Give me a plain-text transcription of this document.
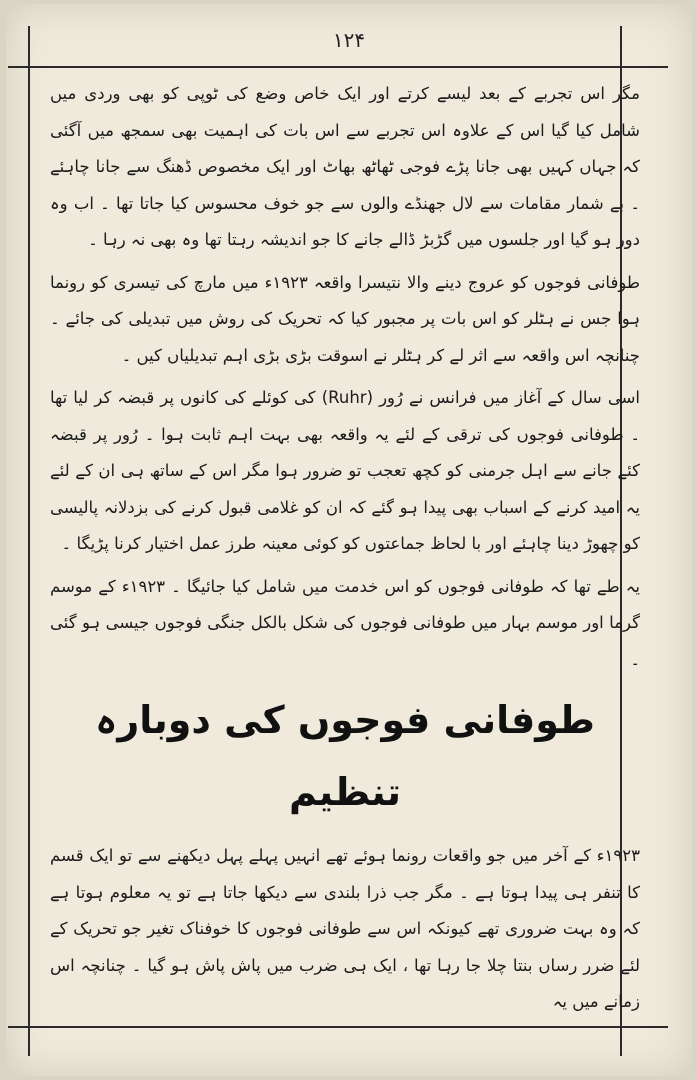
۱۲۴

مگر اس تجربے کے بعد لیسے کرتے اور ایک خاص وضع کی ٹوپی کو بھی وردی میں شامل کیا گیا اس کے علاوہ اس تجربے سے اس بات کی اہمیت بھی سمجھ میں آگئی کہ جہاں کہیں بھی جانا پڑے فوجی ٹھاٹھ بھاٹ اور ایک مخصوص ڈھنگ سے جانا چاہئے ۔ بے شمار مقامات سے لال جھنڈے والوں سے جو خوف محسوس کیا جاتا تھا ۔ اب وہ دور ہو گیا اور جلسوں میں گڑبڑ ڈالے جانے کا جو اندیشہ رہتا تھا وہ بھی نہ رہا ۔

طوفانی فوجوں کو عروج دینے والا نتیسرا واقعہ ۱۹۲۳ء میں مارچ کی تیسری کو رونما ہوا جس نے ہٹلر کو اس بات پر مجبور کیا کہ تحریک کی روش میں تبدیلی کی جائے ۔ چنانچہ اس واقعہ سے اثر لے کر ہٹلر نے اسوقت بڑی بڑی اہم تبدیلیاں کیں ۔

اسی سال کے آغاز میں فرانس نے رُور (Ruhr) کی کوئلے کی کانوں پر قبضہ کر لیا تھا ۔ طوفانی فوجوں کی ترقی کے لئے یہ واقعہ بھی بہت اہم ثابت ہوا ۔ رُور پر قبضہ کئے جانے سے اہل جرمنی کو کچھ تعجب تو ضرور ہوا مگر اس کے ساتھ ہی ان کے لئے یہ امید کرنے کے اسباب بھی پیدا ہو گئے کہ ان کو غلامی قبول کرنے کی بزدلانہ پالیسی کو چھوڑ دینا چاہئے اور با لحاظ جماعتوں کو کوئی معینہ طرز عمل اختیار کرنا پڑیگا ۔

یہ طے تھا کہ طوفانی فوجوں کو اس خدمت میں شامل کیا جائیگا ۔ ۱۹۲۳ء کے موسم گرما اور موسم بہار میں طوفانی فوجوں کی شکل بالکل جنگی فوجوں جیسی ہو گئی ۔

طوفانی فوجوں کی دوبارہ تنظیم

۱۹۲۳ء کے آخر میں جو واقعات رونما ہوئے تھے انہیں پہلے پہل دیکھنے سے تو ایک قسم کا تنفر ہی پیدا ہوتا ہے ۔ مگر جب ذرا بلندی سے دیکھا جاتا ہے تو یہ معلوم ہوتا ہے کہ وہ بہت ضروری تھے کیونکہ اس سے طوفانی فوجوں کا خوفناک تغیر جو تحریک کے لئے ضرر رساں بنتا چلا جا رہا تھا ، ایک ہی ضرب میں پاش پاش ہو گیا ۔ چنانچہ اس زمانے میں یہ
